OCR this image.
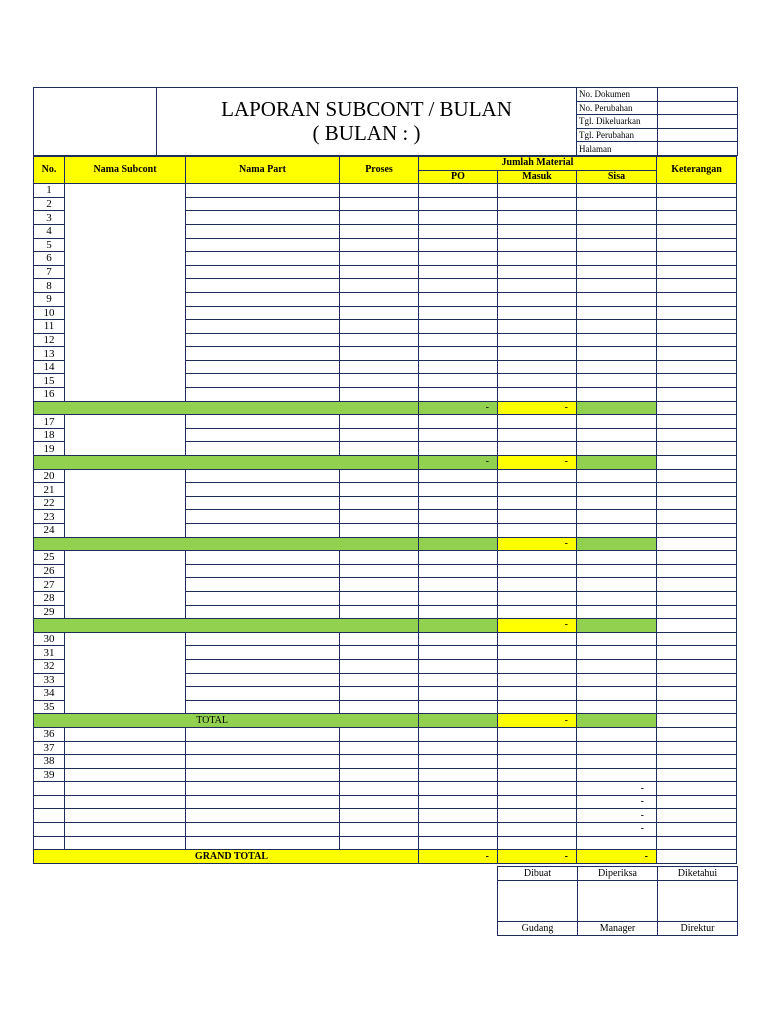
LAPORAN SUBCONT / BULAN
( BULAN : )

No. Dokumen	
No. Perubahan	
Tgl. Dikeluarkan	
Tgl. Perubahan	
Halaman	
No.	Nama Subcont	Nama Part	Proses	Jumlah Material			Keterangan
				PO	Masuk	Sisa	
1							
2							
3							
4							
5							
6							
7							
8							
9							
10							
11							
12							
13							
14							
15							
16							
				-	-		
17							
18							
19							
				-	-		
20							
21							
22							
23							
24							
					-		
25							
26							
27							
28							
29							
					-		
30							
31							
32							
33							
34							
35							
TOTAL					-		
36							
37							
38							
39							
						-	
						-	
						-	
						-	

GRAND TOTAL				-	-	-	
Dibuat	Diperiksa	Diketahui

Gudang	Manager	Direktur
